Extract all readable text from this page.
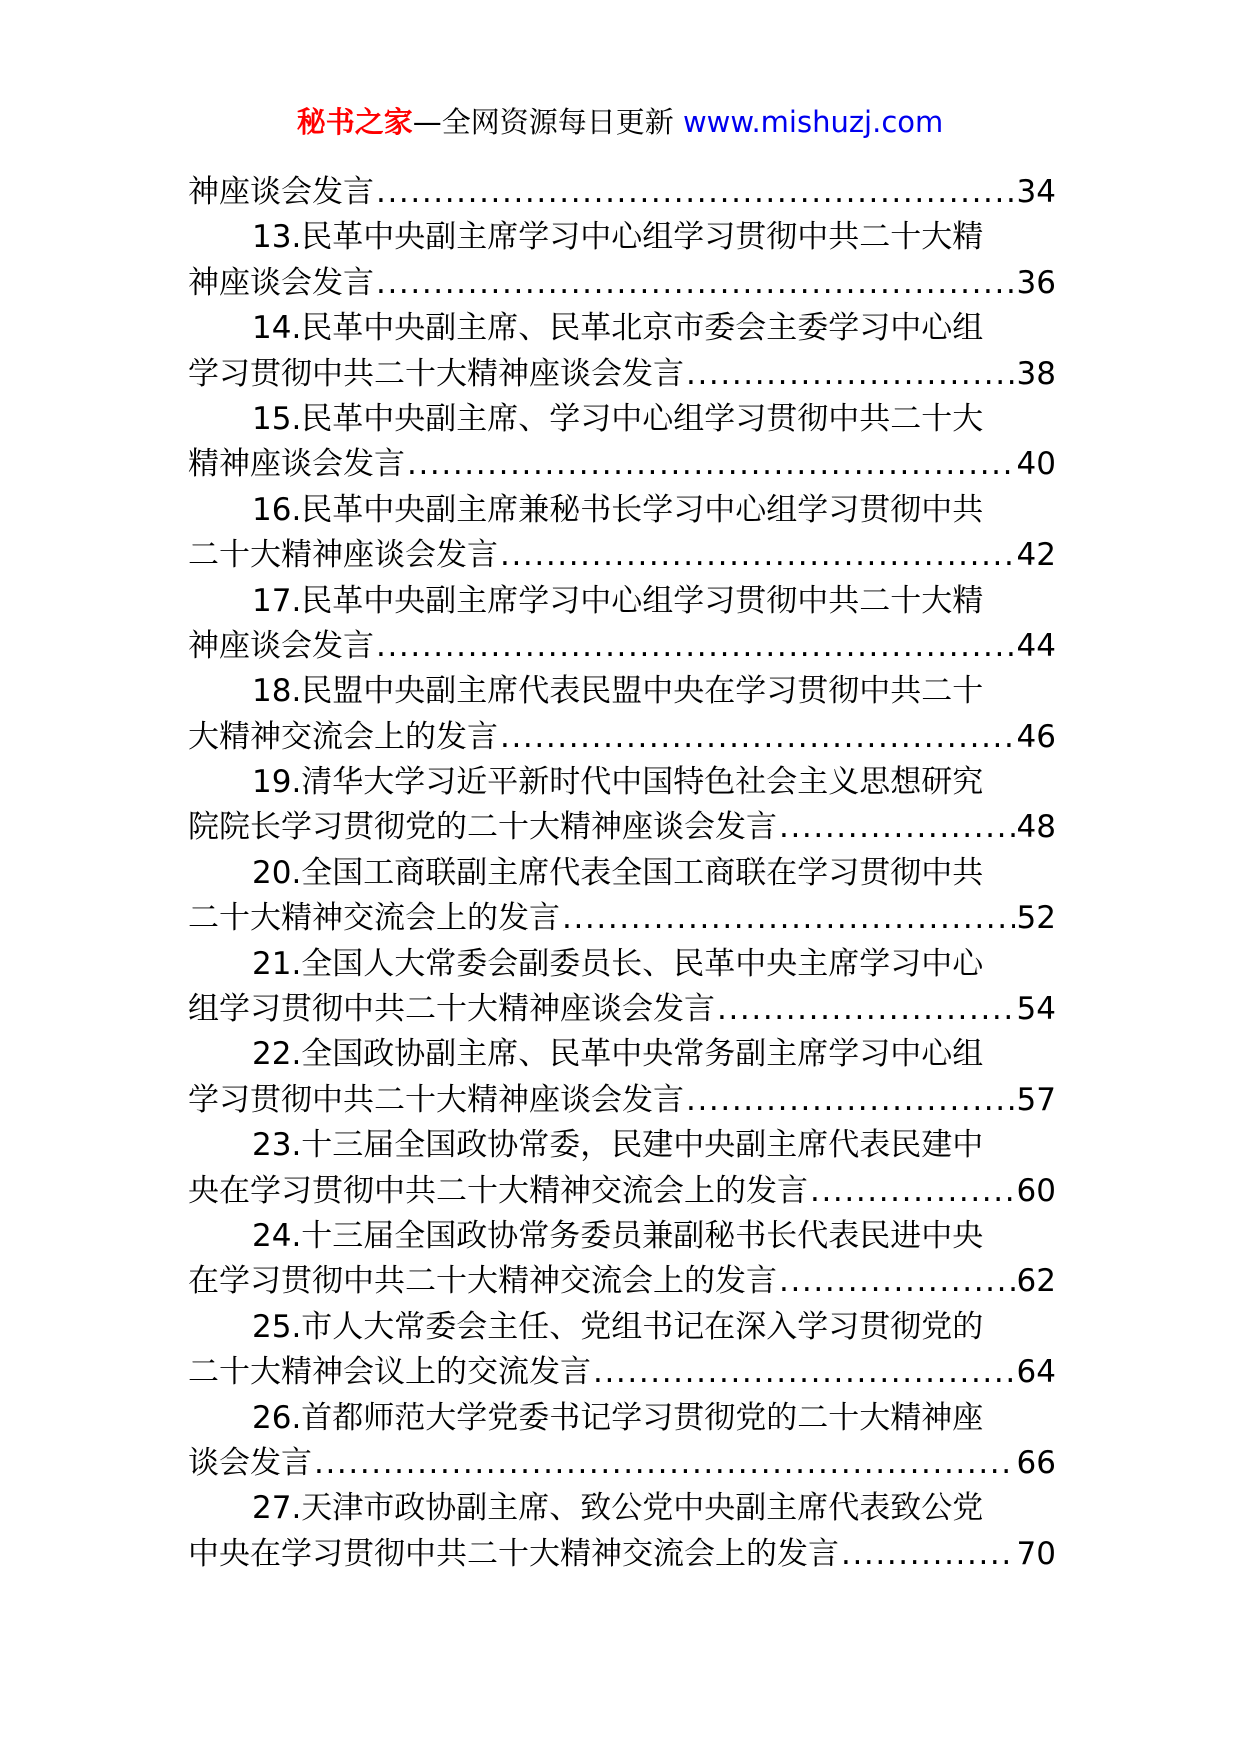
秘书之家—全网资源每日更新 www.mishuzj.com
神座谈会发言 .....	34
13.民革中央副主席学习中心组学习贯彻中共二十大精
神座谈会发言 .....	36
14.民革中央副主席、民革北京市委会主委学习中心组
学习贯彻中共二十大精神座谈会发言 .....	38
15.民革中央副主席、学习中心组学习贯彻中共二十大
精神座谈会发言 .....	40
16.民革中央副主席兼秘书长学习中心组学习贯彻中共
二十大精神座谈会发言 .....	42
17.民革中央副主席学习中心组学习贯彻中共二十大精
神座谈会发言 .....	44
18.民盟中央副主席代表民盟中央在学习贯彻中共二十
大精神交流会上的发言 .....	46
19.清华大学习近平新时代中国特色社会主义思想研究
院院长学习贯彻党的二十大精神座谈会发言 .....	48
20.全国工商联副主席代表全国工商联在学习贯彻中共
二十大精神交流会上的发言 .....	52
21.全国人大常委会副委员长、民革中央主席学习中心
组学习贯彻中共二十大精神座谈会发言 .....	54
22.全国政协副主席、民革中央常务副主席学习中心组
学习贯彻中共二十大精神座谈会发言 .....	57
23.十三届全国政协常委，民建中央副主席代表民建中
央在学习贯彻中共二十大精神交流会上的发言 .....	60
24.十三届全国政协常务委员兼副秘书长代表民进中央
在学习贯彻中共二十大精神交流会上的发言 .....	62
25.市人大常委会主任、党组书记在深入学习贯彻党的
二十大精神会议上的交流发言 .....	64
26.首都师范大学党委书记学习贯彻党的二十大精神座
谈会发言 .....	66
27.天津市政协副主席、致公党中央副主席代表致公党
中央在学习贯彻中共二十大精神交流会上的发言 .....	70
